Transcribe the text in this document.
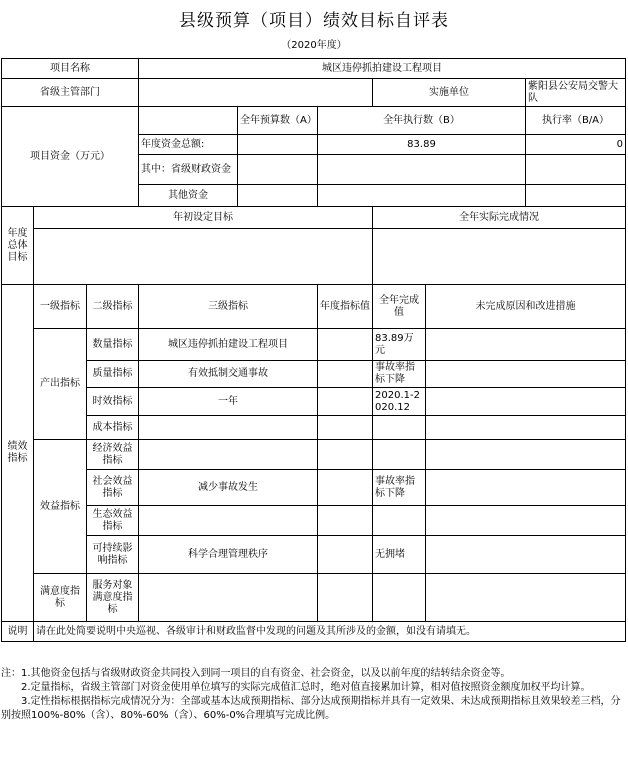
县级预算（项目）绩效目标自评表
（2020年度）
项目名称			城区违停抓拍建设工程项目					
省级主管部门						实施单位		紫阳县公安局交警大队
项目资金（万元）				全年预算数（A）	全年执行数（B）			执行率（B/A）
			年度资金总额:		83.89			0
			其中：省级财政资金					
			其他资金					
年度总体目标	年初设定目标					全年实际完成情况		

绩效指标	一级指标	二级指标	三级指标		年度指标值	全年完成值	未完成原因和改进措施	
	产出指标	数量指标	城区违停抓拍建设工程项目			83.89万元		
		质量指标	有效抵制交通事故			事故率指标下降		
		时效指标	一年			2020.1-2020.12		
		成本指标						
	效益指标	经济效益指标						
		社会效益指标	减少事故发生			事故率指标下降		
		生态效益指标						
		可持续影响指标	科学合理管理秩序			无拥堵		
	满意度指标	服务对象满意度指标						
说明	请在此处简要说明中央巡视、各级审计和财政监督中发现的问题及其所涉及的金额，如没有请填无。							

注：1.其他资金包括与省级财政资金共同投入到同一项目的自有资金、社会资金，以及以前年度的结转结余资金等。

2.定量指标，省级主管部门对资金使用单位填写的实际完成值汇总时，绝对值直接累加计算，相对值按照资金额度加权平均计算。

3.定性指标根据指标完成情况分为：全部或基本达成预期指标、部分达成预期指标并具有一定效果、未达成预期指标且效果较差三档，分别按照100%-80%（含）、80%-60%（含）、60%-0%合理填写完成比例。
